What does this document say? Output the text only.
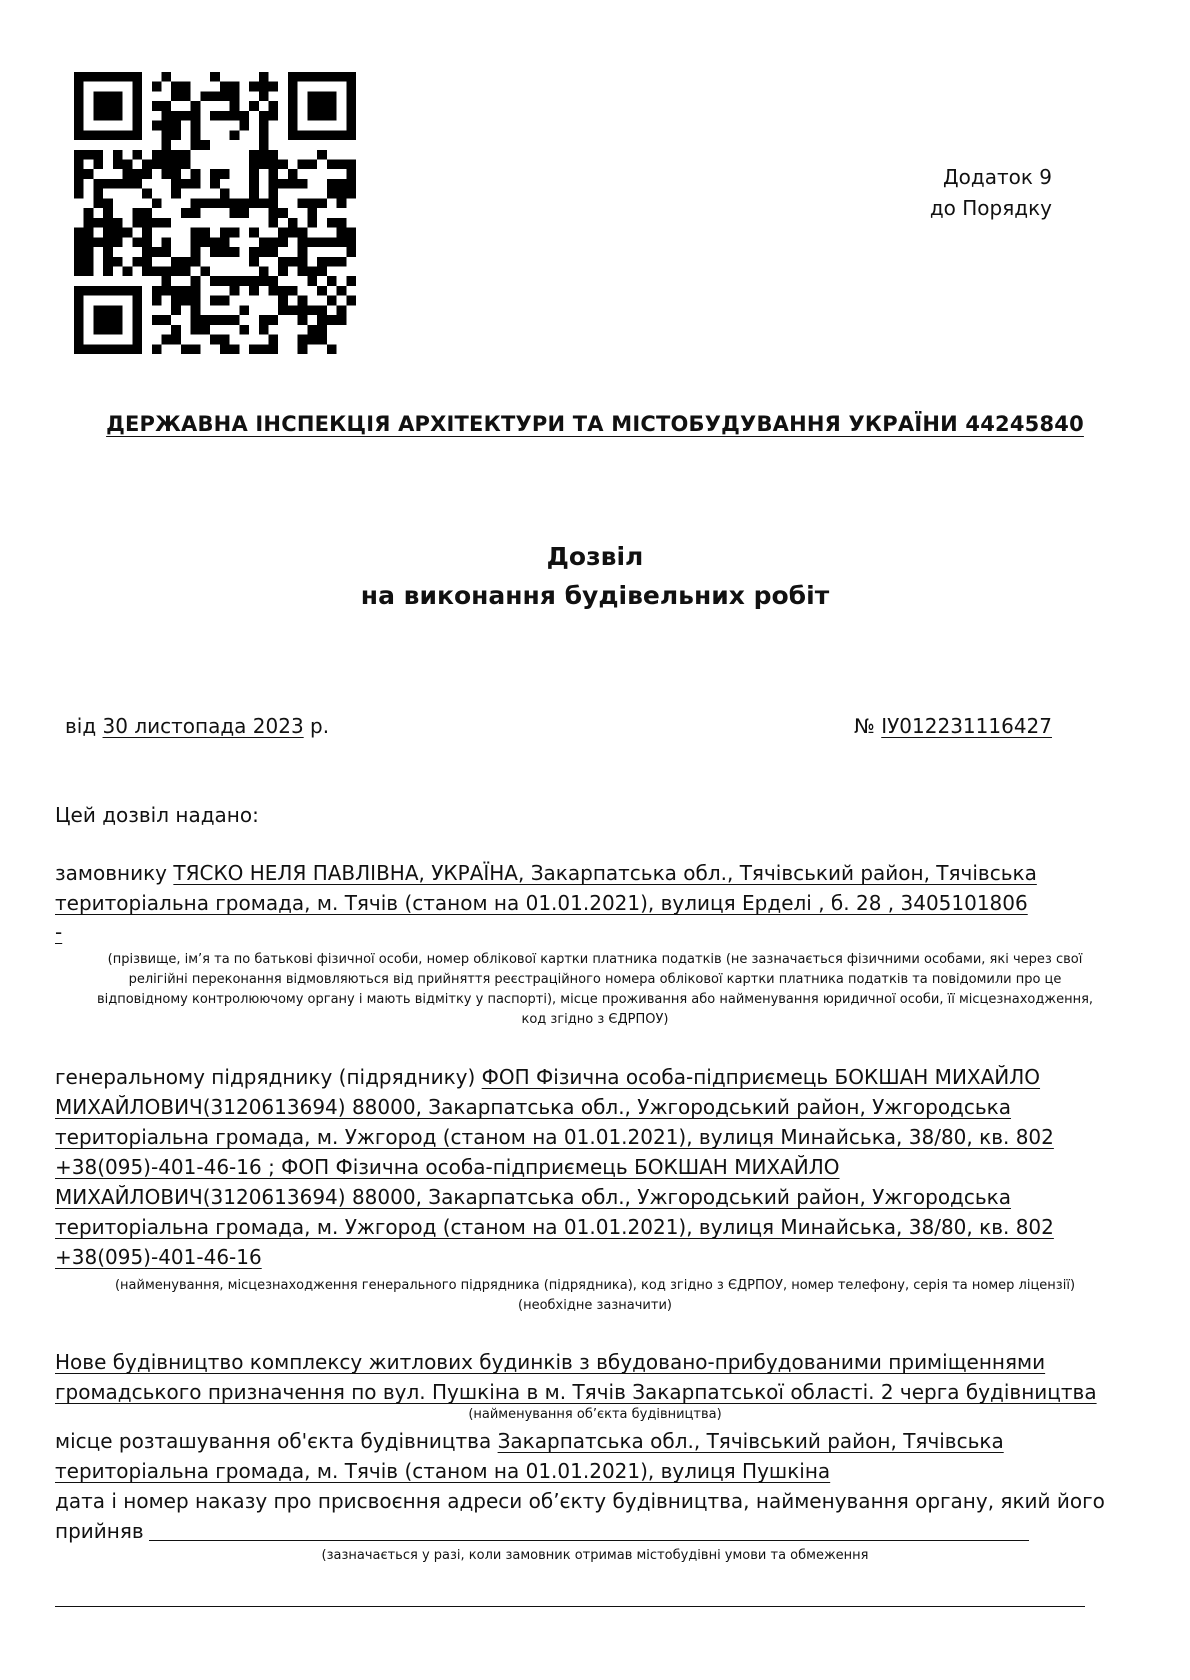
Додаток 9
до Порядку
ДЕРЖАВНА ІНСПЕКЦІЯ АРХІТЕКТУРИ ТА МІСТОБУДУВАННЯ УКРАЇНИ 44245840
Дозвіл
на виконання будівельних робіт
від 30 листопада 2023 р.	№ ІУ012231116427
Цей дозвіл надано:
замовнику ТЯСКО НЕЛЯ ПАВЛІВНА, УКРАЇНА, Закарпатська обл., Тячівський район, Тячівська
територіальна громада, м. Тячів (станом на 01.01.2021), вулиця Ерделі , б. 28 , 3405101806
-
(прізвище, ім’я та по батькові фізичної особи, номер облікової картки платника податків (не зазначається фізичними особами, які через свої
релігійні переконання відмовляються від прийняття реєстраційного номера облікової картки платника податків та повідомили про це
відповідному контролюючому органу і мають відмітку у паспорті), місце проживання або найменування юридичної особи, її місцезнаходження,
код згідно з ЄДРПОУ)
генеральному підряднику (підряднику) ФОП Фізична особа-підприємець БОКШАН МИХАЙЛО
МИХАЙЛОВИЧ(3120613694) 88000, Закарпатська обл., Ужгородський район, Ужгородська
територіальна громада, м. Ужгород (станом на 01.01.2021), вулиця Минайська, 38/80, кв. 802
+38(095)-401-46-16 ; ФОП Фізична особа-підприємець БОКШАН МИХАЙЛО
МИХАЙЛОВИЧ(3120613694) 88000, Закарпатська обл., Ужгородський район, Ужгородська
територіальна громада, м. Ужгород (станом на 01.01.2021), вулиця Минайська, 38/80, кв. 802
+38(095)-401-46-16
(найменування, місцезнаходження генерального підрядника (підрядника), код згідно з ЄДРПОУ, номер телефону, серія та номер ліцензії)
(необхідне зазначити)
Нове будівництво комплексу житлових будинків з вбудовано-прибудованими приміщеннями
громадського призначення по вул. Пушкіна в м. Тячів Закарпатської області. 2 черга будівництва
(найменування об’єкта будівництва)
місце розташування об'єкта будівництва Закарпатська обл., Тячівський район, Тячівська
територіальна громада, м. Тячів (станом на 01.01.2021), вулиця Пушкіна
дата і номер наказу про присвоєння адреси об’єкту будівництва, найменування органу, який його
прийняв
(зазначається у разі, коли замовник отримав містобудівні умови та обмеження
